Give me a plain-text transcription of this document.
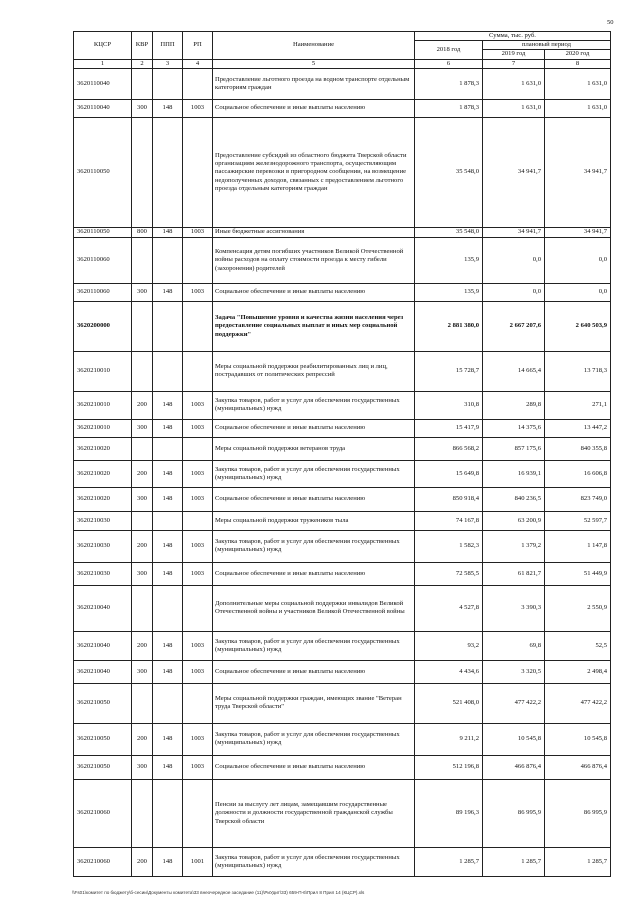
50
КЦСР	КВР	ППП	РП	Наименование	Сумма, тыс. руб.		
					2018 год	плановый период	
						2019 год	2020 год
1	2	3	4	5	6	7	8
3620110040				Предоставление льготного проезда на водном транспорте отдельным категориям граждан	1 878,3	1 631,0	1 631,0
3620110040	300	148	1003	Социальное обеспечение и иные выплаты населению	1 878,3	1 631,0	1 631,0
3620110050				Предоставление субсидий из областного бюджета Тверской области организациям железнодорожного транспорта, осуществляющим пассажирские перевозки в пригородном сообщении, на возмещение недополученных доходов, связанных с предоставлением льготного проезда отдельным категориям граждан	35 548,0	34 941,7	34 941,7
3620110050	800	148	1003	Иные бюджетные ассигнования	35 548,0	34 941,7	34 941,7
3620110060				Компенсация детям погибших участников Великой Отечественной войны расходов на оплату стоимости проезда к месту гибели (захоронения) родителей	135,9	0,0	0,0
3620110060	300	148	1003	Социальное обеспечение и иные выплаты населению	135,9	0,0	0,0
3620200000				Задача "Повышение уровня и качества жизни населения через предоставление социальных выплат и иных мер социальной поддержки"	2 881 380,0	2 667 207,6	2 640 503,9
3620210010				Меры социальной поддержки реабилитированных лиц и лиц, пострадавших от политических репрессий	15 728,7	14 665,4	13 718,3
3620210010	200	148	1003	Закупка товаров, работ и услуг для обеспечения государственных (муниципальных) нужд	310,8	289,8	271,1
3620210010	300	148	1003	Социальное обеспечение и иные выплаты населению	15 417,9	14 375,6	13 447,2
3620210020				Меры социальной поддержки ветеранов труда	866 568,2	857 175,6	840 355,8
3620210020	200	148	1003	Закупка товаров, работ и услуг для обеспечения государственных (муниципальных) нужд	15 649,8	16 939,1	16 606,8
3620210020	300	148	1003	Социальное обеспечение и иные выплаты населению	850 918,4	840 236,5	823 749,0
3620210030				Меры социальной поддержки тружеников тыла	74 167,8	63 200,9	52 597,7
3620210030	200	148	1003	Закупка товаров, работ и услуг для обеспечения государственных (муниципальных) нужд	1 582,3	1 379,2	1 147,8
3620210030	300	148	1003	Социальное обеспечение и иные выплаты населению	72 585,5	61 821,7	51 449,9
3620210040				Дополнительные меры социальной поддержки инвалидов Великой Отечественной войны и участников Великой Отечественной войны	4 527,8	3 390,3	2 550,9
3620210040	200	148	1003	Закупка товаров, работ и услуг для обеспечения государственных (муниципальных) нужд	93,2	69,8	52,5
3620210040	300	148	1003	Социальное обеспечение и иные выплаты населению	4 434,6	3 320,5	2 498,4
3620210050				Меры социальной поддержки граждан, имеющих звание "Ветеран труда Тверской области"	521 408,0	477 422,2	477 422,2
3620210050	200	148	1003	Закупка товаров, работ и услуг для обеспечения государственных (муниципальных) нужд	9 211,2	10 545,8	10 545,8
3620210050	300	148	1003	Социальное обеспечение и иные выплаты населению	512 196,8	466 876,4	466 876,4
3620210060				Пенсии за выслугу лет лицам, замещавшим государственные должности и должности государственной гражданской службы Тверской области	89 196,3	86 995,9	86 995,9
3620210060	200	148	1001	Закупка товаров, работ и услуг для обеспечения государственных (муниципальных) нужд	1 285,7	1 285,7	1 285,7
\\Fs01\комитет по бюджету\б-сесии\Документы комитета\33 внеочередное заседание (11)\РиУдит\33) 659-П-6\Прил 8 Прил 14 (КЦСР).xls
